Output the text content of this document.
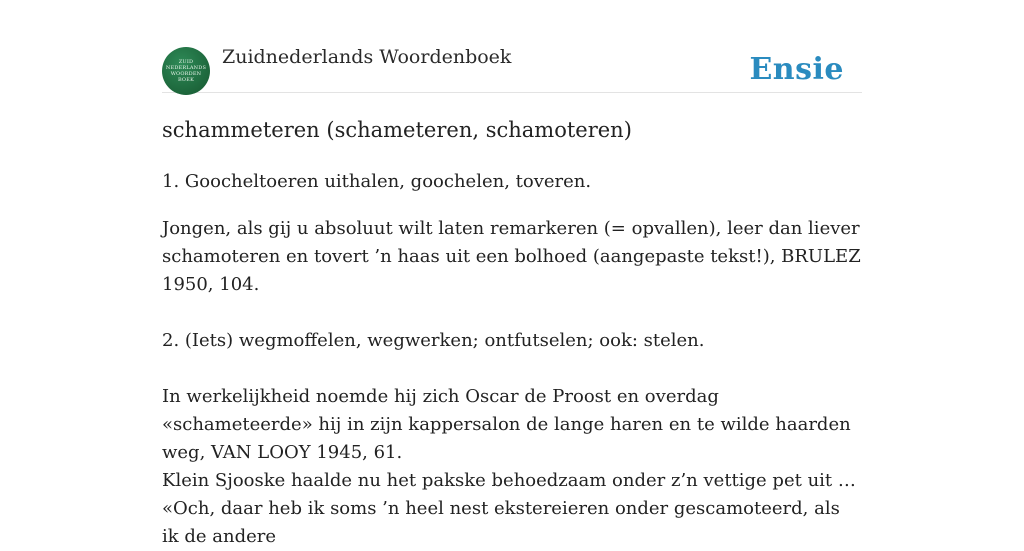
ZUID
NEDERLANDS
WOORDEN
BOEK
Zuidnederlands Woordenboek	Ensie
schammeteren (schameteren, schamoteren)
1. Goocheltoeren uithalen, goochelen, toveren.
Jongen, als gij u absoluut wilt laten remarkeren (= opvallen), leer dan liever schamoteren en tovert ’n haas uit een bolhoed (aangepaste tekst!), BRULEZ 1950, 104.
2. (Iets) wegmoffelen, wegwerken; ontfutselen; ook: stelen.
In werkelijkheid noemde hij zich Oscar de Proost en overdag «schameteerde» hij in zijn kappersalon de lange haren en te wilde haarden weg, VAN LOOY 1945, 61.
Klein Sjooske haalde nu het pakske behoedzaam onder z’n vettige pet uit … «Och, daar heb ik soms ’n heel nest ekstereieren onder gescamoteerd, als ik de andere
